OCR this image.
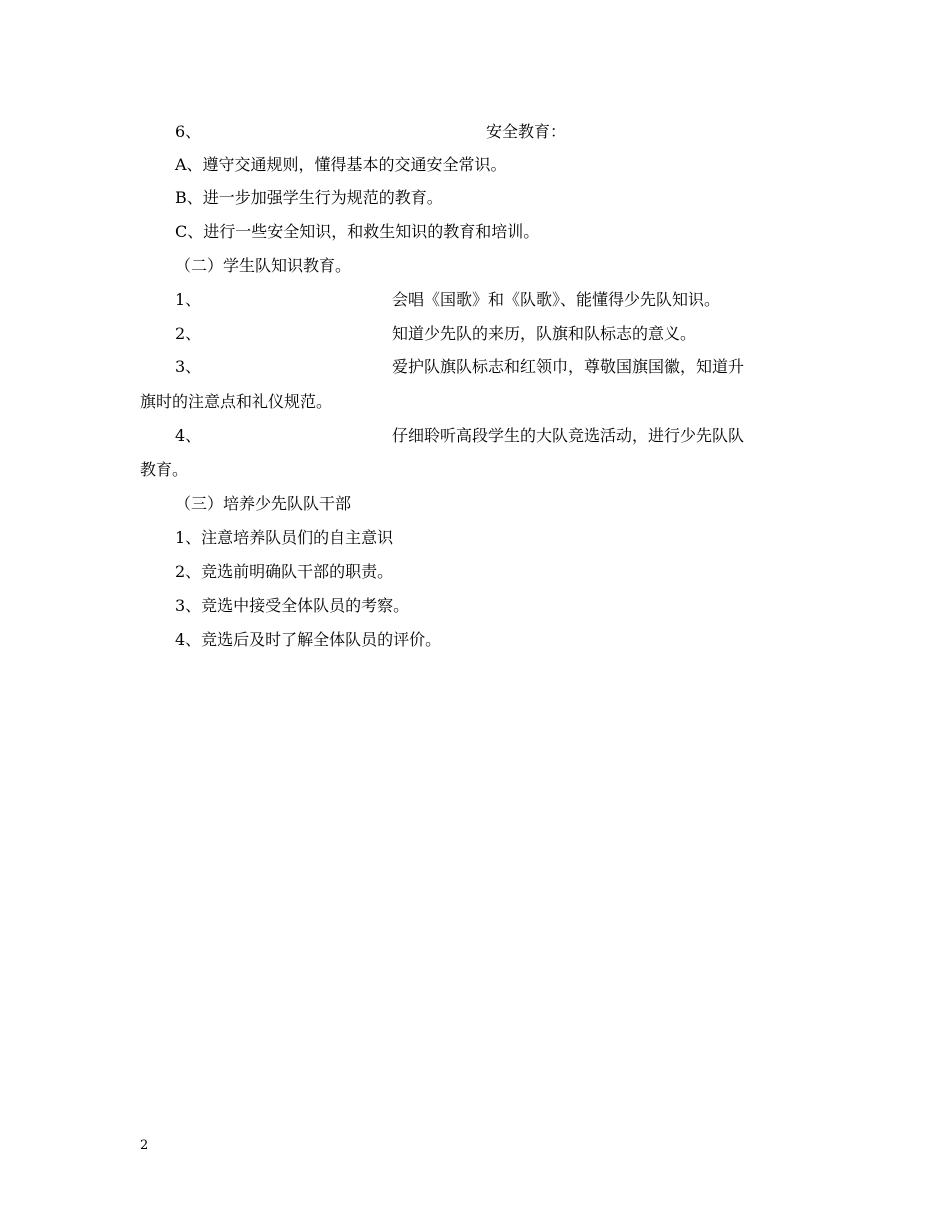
6、	安全教育：
A、遵守交通规则，懂得基本的交通安全常识。
B、进一步加强学生行为规范的教育。
C、进行一些安全知识，和救生知识的教育和培训。
（二）学生队知识教育。
1、	会唱《国歌》和《队歌》、能懂得少先队知识。
2、	知道少先队的来历，队旗和队标志的意义。
3、	爱护队旗队标志和红领巾，尊敬国旗国徽，知道升
旗时的注意点和礼仪规范。
4、	仔细聆听高段学生的大队竞选活动，进行少先队队
教育。
（三）培养少先队队干部
1、注意培养队员们的自主意识
2、竞选前明确队干部的职责。
3、竞选中接受全体队员的考察。
4、竞选后及时了解全体队员的评价。
2
